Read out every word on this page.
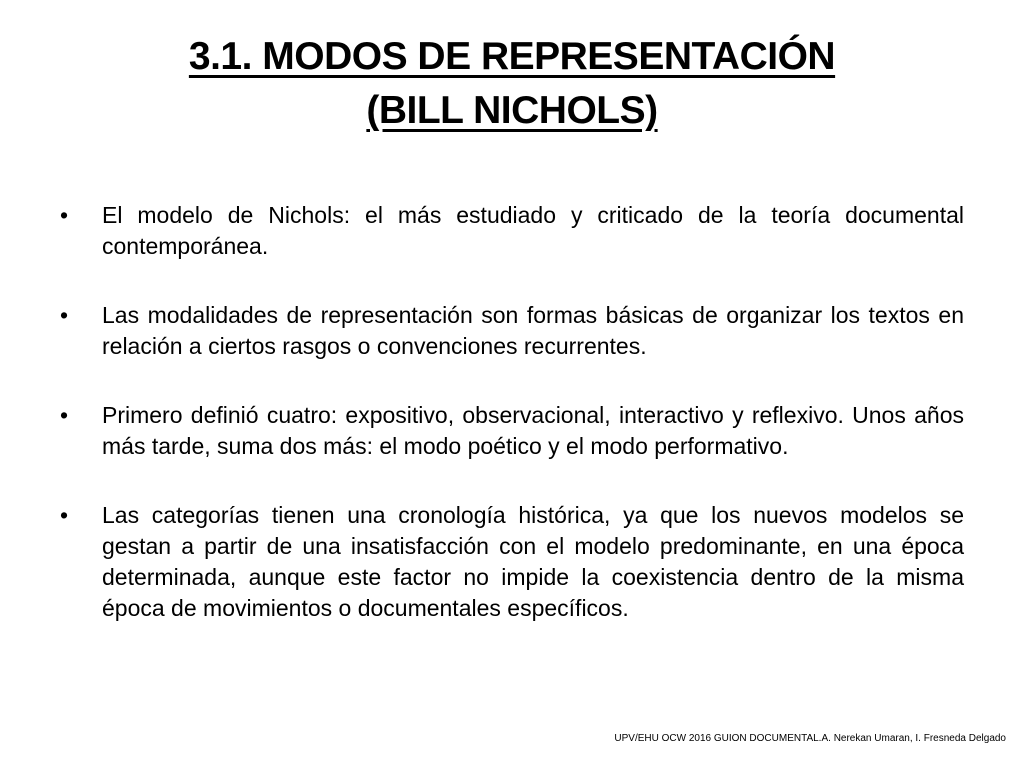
3.1. MODOS DE REPRESENTACIÓN
(BILL NICHOLS)
•	El modelo de Nichols: el más estudiado y criticado de la teoría documental contemporánea.
•	Las modalidades de representación son formas básicas de organizar los textos en relación a ciertos rasgos o convenciones recurrentes.
•	Primero definió cuatro: expositivo, observacional, interactivo y reflexivo. Unos años más tarde, suma dos más: el modo poético y el modo performativo.
•	Las categorías tienen una cronología histórica, ya que los nuevos modelos se gestan a partir de una insatisfacción con el modelo predominante, en una época determinada, aunque este factor no impide la coexistencia dentro de la misma época de movimientos o documentales específicos.
UPV/EHU OCW 2016 GUION DOCUMENTAL.A. Nerekan Umaran, I. Fresneda Delgado
